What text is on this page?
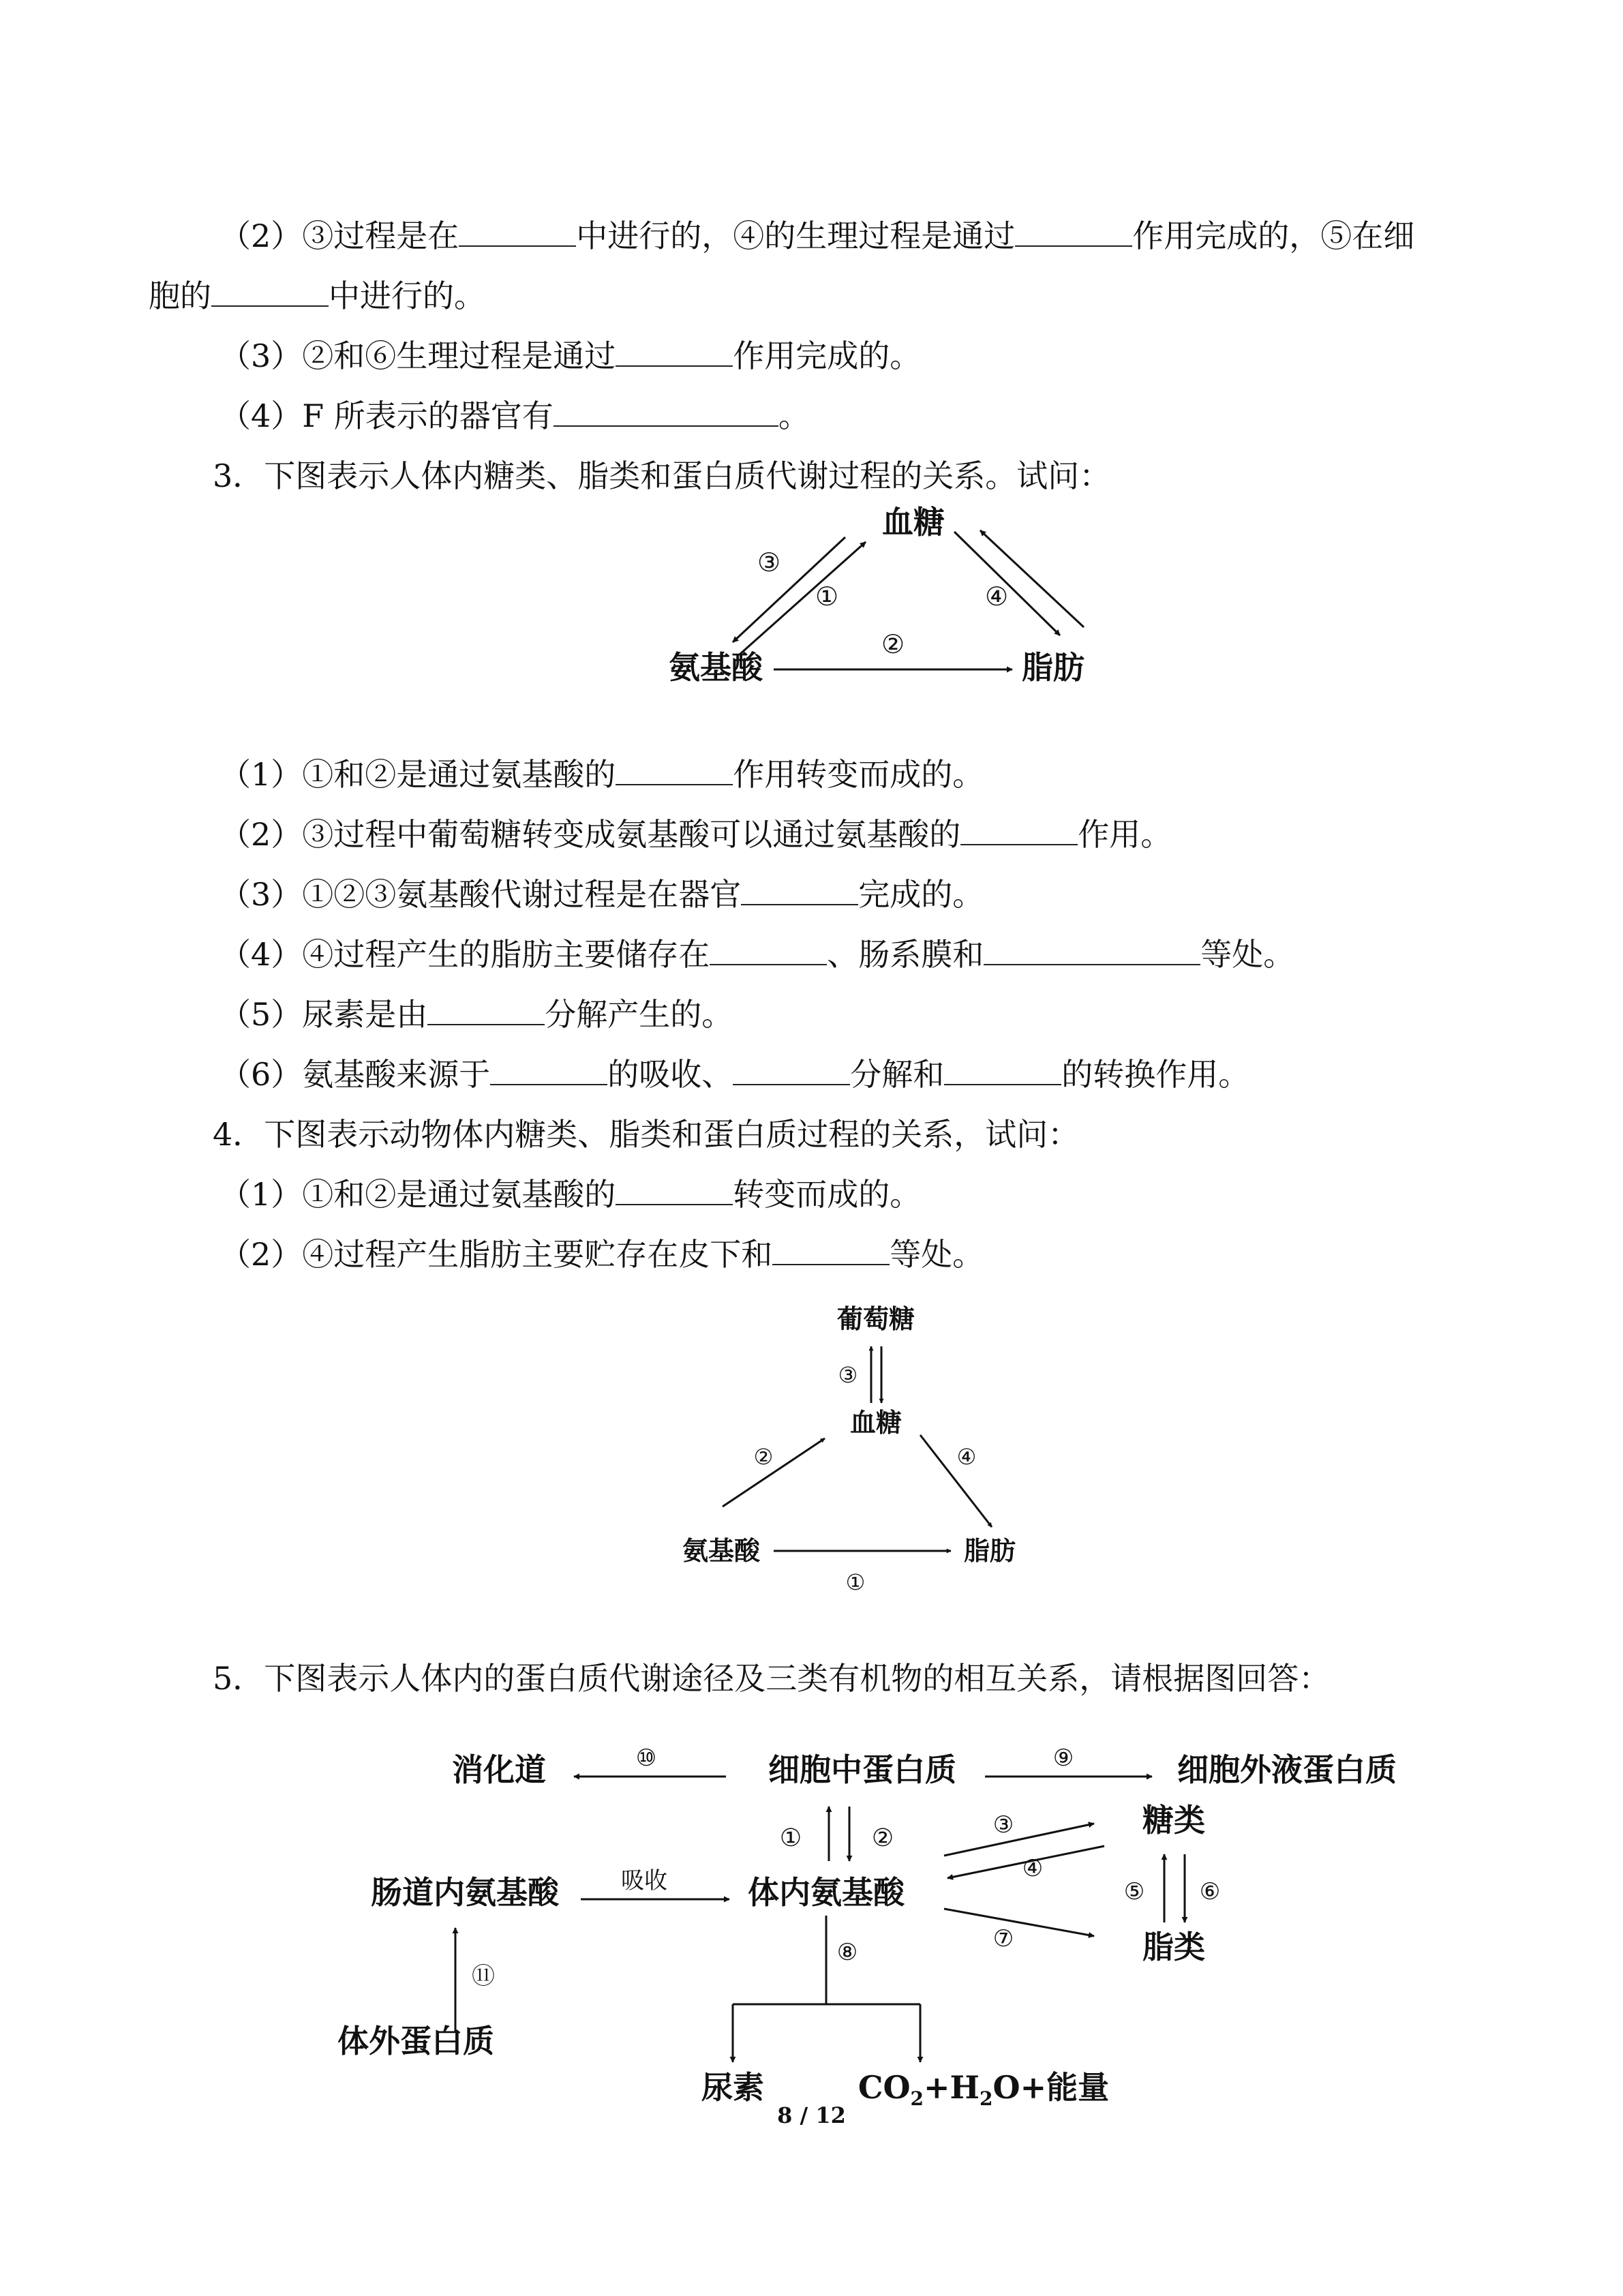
（2）③过程是在	中进行的，④的生理过程是通过	作用完成的，⑤在细
胞的	中进行的。
（3）②和⑥生理过程是通过	作用完成的。
（4）F 所表示的器官有	。
3．下图表示人体内糖类、脂类和蛋白质代谢过程的关系。试问：
血糖
氨基酸	脂肪
③
①
②
④
（1）①和②是通过氨基酸的	作用转变而成的。
（2）③过程中葡萄糖转变成氨基酸可以通过氨基酸的	作用。
（3）①②③氨基酸代谢过程是在器官	完成的。
（4）④过程产生的脂肪主要储存在	、肠系膜和	等处。
（5）尿素是由	分解产生的。
（6）氨基酸来源于	的吸收、	分解和	的转换作用。
4．下图表示动物体内糖类、脂类和蛋白质过程的关系，试问：
（1）①和②是通过氨基酸的	转变而成的。
（2）④过程产生脂肪主要贮存在皮下和	等处。
葡萄糖
③
血糖
②	④
氨基酸
①
脂肪
5．下图表示人体内的蛋白质代谢途径及三类有机物的相互关系，请根据图回答：
消化道	⑩	细胞中蛋白质	⑨	细胞外液蛋白质
①	②	糖类
③
④
肠道内氨基酸	吸收	体内氨基酸	⑤ ⑥
⑦	脂类
⑪
体外蛋白质
⑧
尿素	$CO_2+H_2O+$能量
8 / 12
